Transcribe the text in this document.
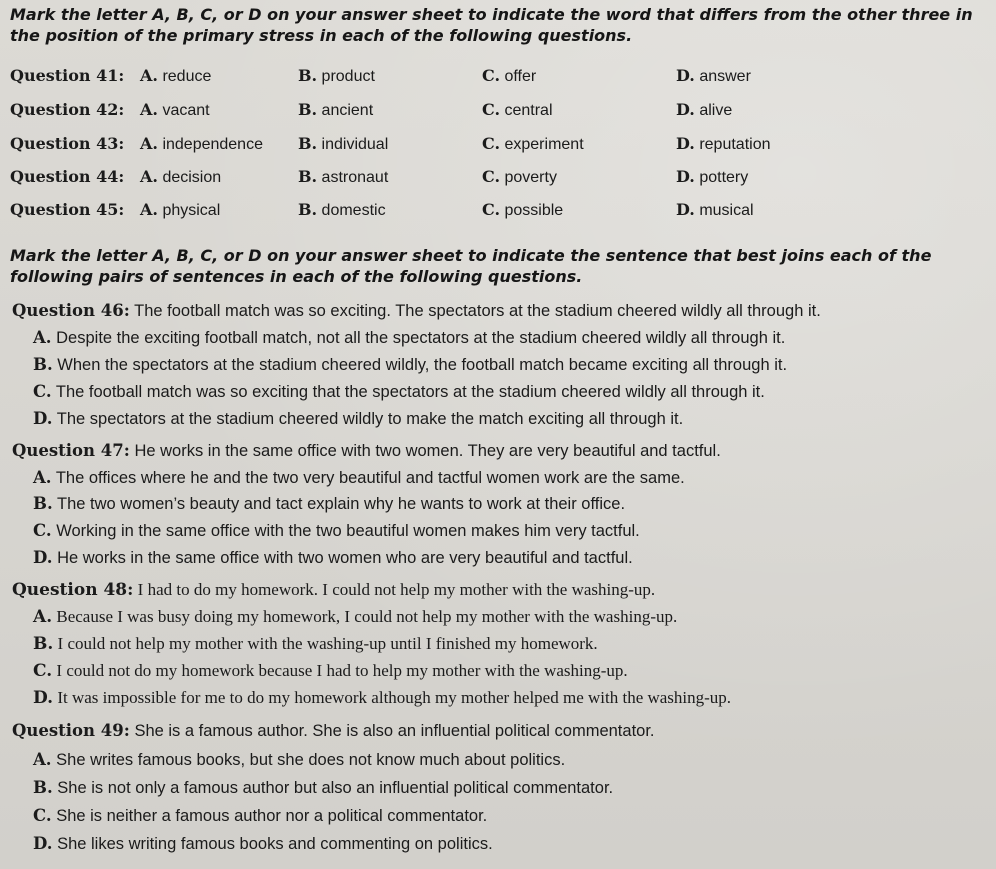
Mark the letter A, B, C, or D on your answer sheet to indicate the word that differs from the other three in the position of the primary stress in each of the following questions.
Question 41: A. reduce	B. product	C. offer	D. answer
Question 42: A. vacant	B. ancient	C. central	D. alive
Question 43: A. independence B. individual	C. experiment	D. reputation
Question 44: A. decision	B. astronaut	C. poverty	D. pottery
Question 45: A. physical	B. domestic	C. possible	D. musical
Mark the letter A, B, C, or D on your answer sheet to indicate the sentence that best joins each of the following pairs of sentences in each of the following questions.
Question 46: The football match was so exciting. The spectators at the stadium cheered wildly all through it.
A. Despite the exciting football match, not all the spectators at the stadium cheered wildly all through it.
B. When the spectators at the stadium cheered wildly, the football match became exciting all through it.
C. The football match was so exciting that the spectators at the stadium cheered wildly all through it.
D. The spectators at the stadium cheered wildly to make the match exciting all through it.
Question 47: He works in the same office with two women. They are very beautiful and tactful.
A. The offices where he and the two very beautiful and tactful women work are the same.
B. The two women’s beauty and tact explain why he wants to work at their office.
C. Working in the same office with the two beautiful women makes him very tactful.
D. He works in the same office with two women who are very beautiful and tactful.
Question 48: I had to do my homework. I could not help my mother with the washing-up.
A. Because I was busy doing my homework, I could not help my mother with the washing-up.
B. I could not help my mother with the washing-up until I finished my homework.
C. I could not do my homework because I had to help my mother with the washing-up.
D. It was impossible for me to do my homework although my mother helped me with the washing-up.
Question 49: She is a famous author. She is also an influential political commentator.
A. She writes famous books, but she does not know much about politics.
B. She is not only a famous author but also an influential political commentator.
C. She is neither a famous author nor a political commentator.
D. She likes writing famous books and commenting on politics.
